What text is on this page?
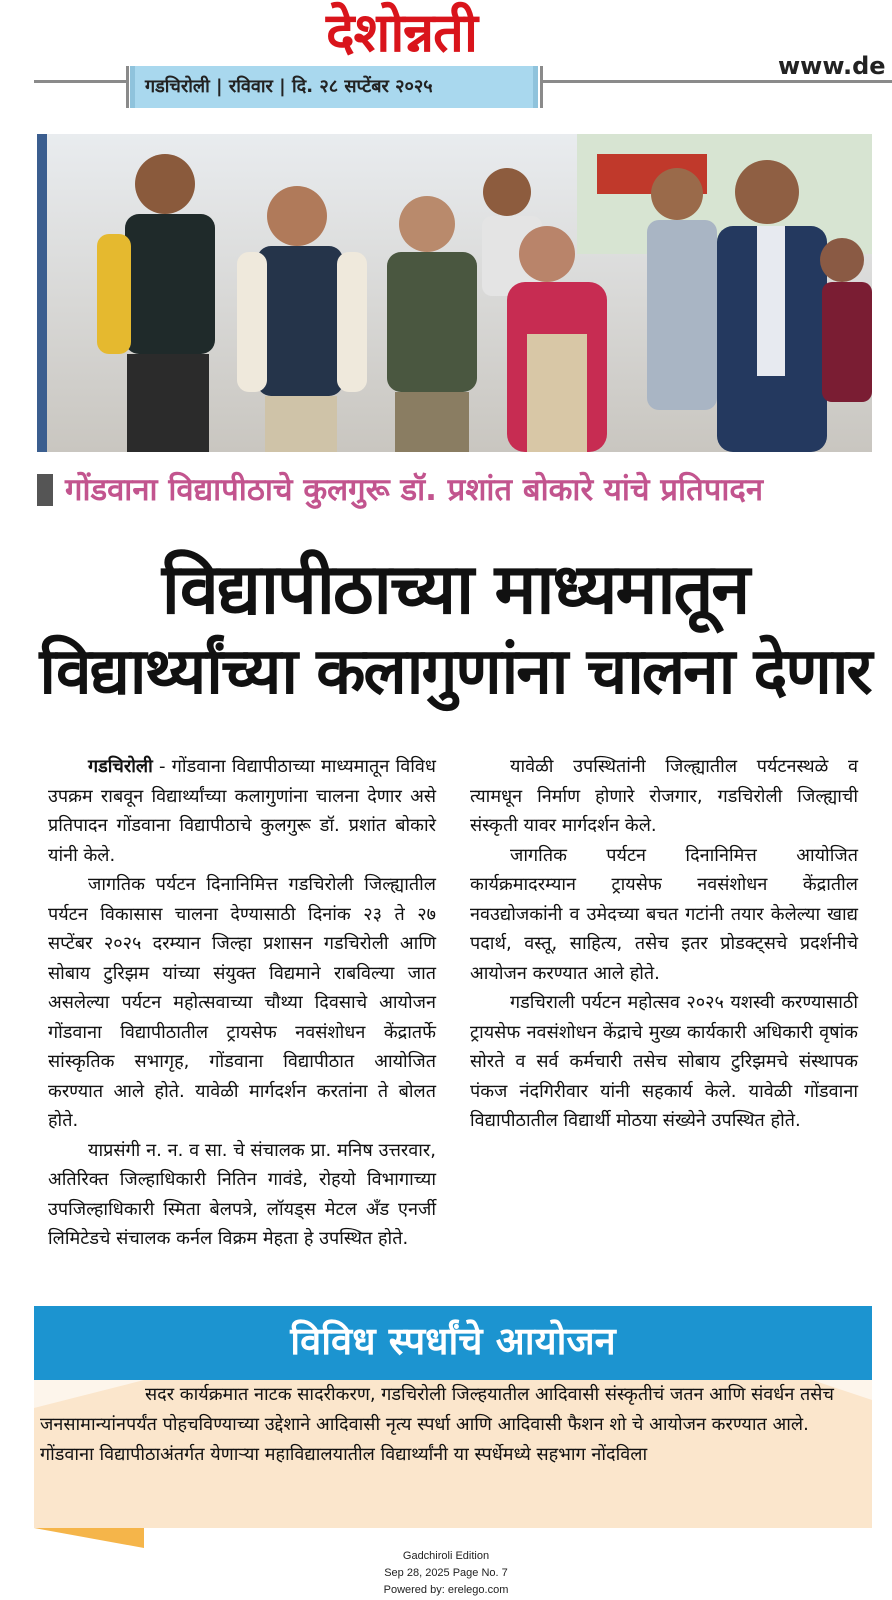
देशोन्नती
गडचिरोली | रविवार | दि. २८ सप्टेंबर २०२५
www.de
गोंडवाना विद्यापीठाचे कुलगुरू डॉ. प्रशांत बोकारे यांचे प्रतिपादन
विद्यापीठाच्या माध्यमातून
विद्यार्थ्यांच्या कलागुणांना चालना देणार

गडचिरोली - गोंडवाना विद्यापीठाच्या माध्यमातून विविध उपक्रम राबवून विद्यार्थ्यांच्या कलागुणांना चालना देणार असे प्रतिपादन गोंडवाना विद्यापीठाचे कुलगुरू डॉ. प्रशांत बोकारे यांनी केले.

जागतिक पर्यटन दिनानिमित्त गडचिरोली जिल्ह्यातील पर्यटन विकासास चालना देण्यासाठी दिनांक २३ ते २७ सप्टेंबर २०२५ दरम्यान जिल्हा प्रशासन गडचिरोली आणि सोबाय टुरिझम यांच्या संयुक्त विद्यमाने राबविल्या जात असलेल्या पर्यटन महोत्सवाच्या चौथ्या दिवसाचे आयोजन गोंडवाना विद्यापीठातील ट्रायसेफ नवसंशोधन केंद्रातर्फे सांस्कृतिक सभागृह, गोंडवाना विद्यापीठात आयोजित करण्यात आले होते. यावेळी मार्गदर्शन करतांना ते बोलत होते.

याप्रसंगी न. न. व सा. चे संचालक प्रा. मनिष उत्तरवार, अतिरिक्त जिल्हाधिकारी नितिन गावंडे, रोहयो विभागाच्या उपजिल्हाधिकारी स्मिता बेलपत्रे, लॉयड्स मेटल अँड एनर्जी लिमिटेडचे संचालक कर्नल विक्रम मेहता हे उपस्थित होते.

यावेळी उपस्थितांनी जिल्ह्यातील पर्यटनस्थळे व त्यामधून निर्माण होणारे रोजगार, गडचिरोली जिल्ह्याची संस्कृती यावर मार्गदर्शन केले.

जागतिक पर्यटन दिनानिमित्त आयोजित कार्यक्रमादरम्यान ट्रायसेफ नवसंशोधन केंद्रातील नवउद्योजकांनी व उमेदच्या बचत गटांनी तयार केलेल्या खाद्य पदार्थ, वस्तू, साहित्य, तसेच इतर प्रोडक्ट्सचे प्रदर्शनीचे आयोजन करण्यात आले होते.

गडचिराली पर्यटन महोत्सव २०२५ यशस्वी करण्यासाठी ट्रायसेफ नवसंशोधन केंद्राचे मुख्य कार्यकारी अधिकारी वृषांक सोरते व सर्व कर्मचारी तसेच सोबाय टुरिझमचे संस्थापक पंकज नंदगिरीवार यांनी सहकार्य केले. यावेळी गोंडवाना विद्यापीठातील विद्यार्थी मोठया संख्येने उपस्थित होते.

विविध स्पर्धांचे आयोजन
सदर कार्यक्रमात नाटक सादरीकरण, गडचिरोली जिल्हयातील आदिवासी संस्कृतीचं जतन आणि संवर्धन तसेच जनसामान्यांनपर्यंत पोहचविण्याच्या उद्देशाने आदिवासी नृत्य स्पर्धा आणि आदिवासी फैशन शो चे आयोजन करण्यात आले. गोंडवाना विद्यापीठाअंतर्गत येणाऱ्या महाविद्यालयातील विद्यार्थ्यांनी या स्पर्धेमध्ये सहभाग नोंदविला
Gadchiroli Edition
Sep 28, 2025 Page No. 7
Powered by: erelego.com
